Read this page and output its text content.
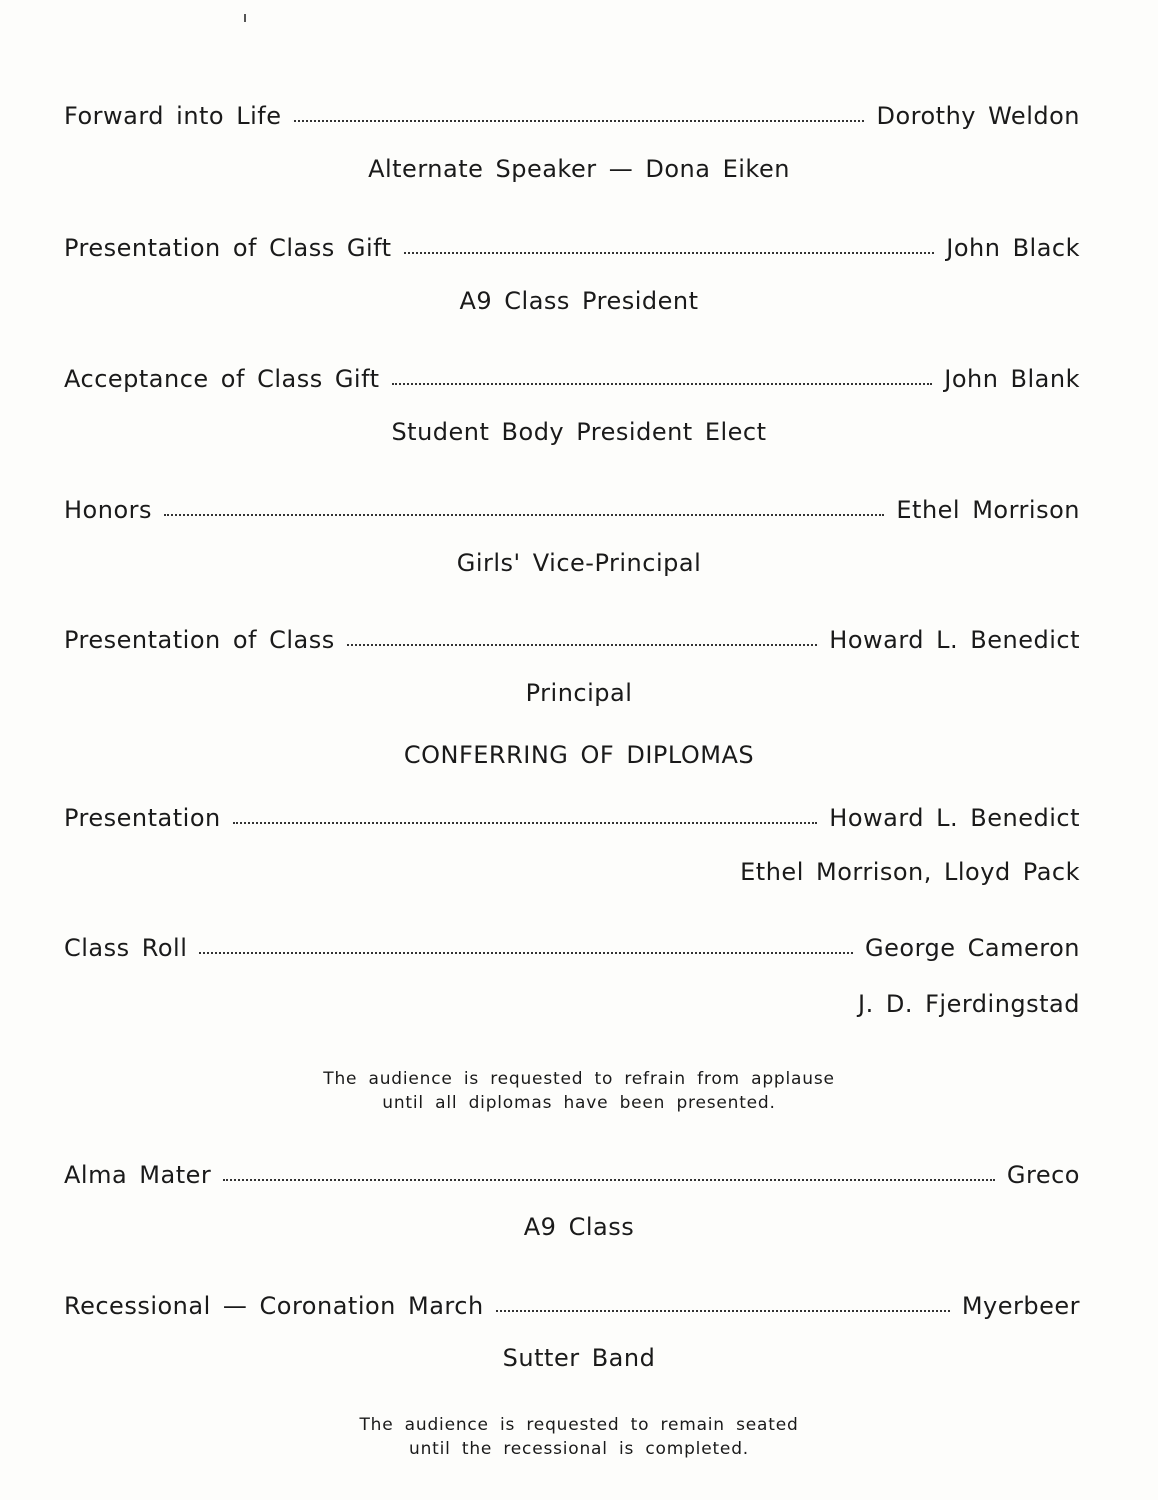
Forward into Life	Dorothy Weldon
Alternate Speaker — Dona Eiken
Presentation of Class Gift	John Black
A9 Class President
Acceptance of Class Gift	John Blank
Student Body President Elect
Honors	Ethel Morrison
Girls' Vice-Principal
Presentation of Class	Howard L. Benedict
Principal
CONFERRING OF DIPLOMAS
Presentation	Howard L. Benedict
Ethel Morrison, Lloyd Pack
Class Roll	George Cameron
J. D. Fjerdingstad
The audience is requested to refrain from applause
until all diplomas have been presented.
Alma Mater	Greco
A9 Class
Recessional — Coronation March	Myerbeer
Sutter Band
The audience is requested to remain seated
until the recessional is completed.
